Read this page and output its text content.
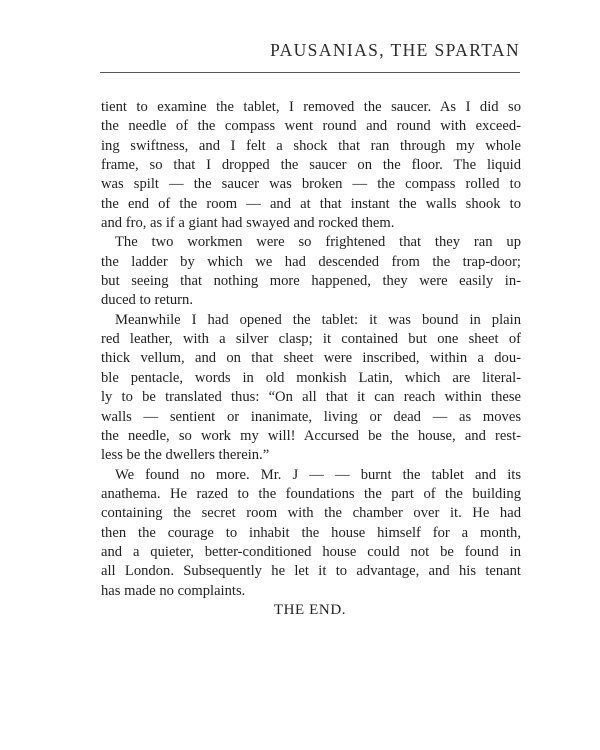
PAUSANIAS, THE SPARTAN
tient to examine the tablet, I removed the saucer. As I did so
the needle of the compass went round and round with exceed-
ing swiftness, and I felt a shock that ran through my whole
frame, so that I dropped the saucer on the floor. The liquid
was spilt — the saucer was broken — the compass rolled to
the end of the room — and at that instant the walls shook to
and fro, as if a giant had swayed and rocked them.
The two workmen were so frightened that they ran up
the ladder by which we had descended from the trap-door;
but seeing that nothing more happened, they were easily in-
duced to return.
Meanwhile I had opened the tablet: it was bound in plain
red leather, with a silver clasp; it contained but one sheet of
thick vellum, and on that sheet were inscribed, within a dou-
ble pentacle, words in old monkish Latin, which are literal-
ly to be translated thus: “On all that it can reach within these
walls — sentient or inanimate, living or dead — as moves
the needle, so work my will! Accursed be the house, and rest-
less be the dwellers therein.”
We found no more. Mr. J — — burnt the tablet and its
anathema. He razed to the foundations the part of the building
containing the secret room with the chamber over it. He had
then the courage to inhabit the house himself for a month,
and a quieter, better-conditioned house could not be found in
all London. Subsequently he let it to advantage, and his tenant
has made no complaints.
THE END.
